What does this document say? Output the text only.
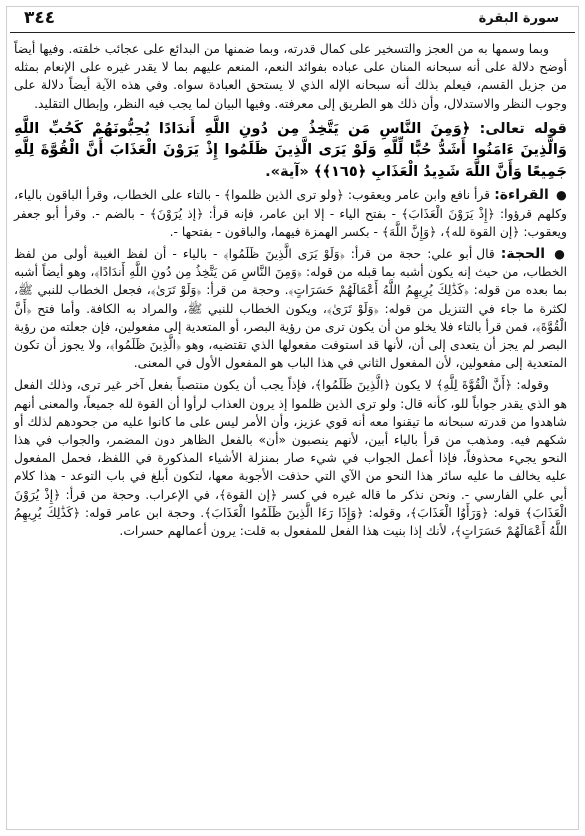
سورة البقرة
٣٤٤

وبما وسمها به من العجز والتسخير على كمال قدرته، وبما ضمنها من البدائع على عجائب خلقته. وفيها أيضاً أوضح دلالة على أنه سبحانه المنان على عباده بفوائد النعم، المنعم عليهم بما لا يقدر غيره على الإنعام بمثله من جزيل القسم، فيعلم بذلك أنه سبحانه الإله الذي لا يستحق العبادة سواه. وفي هذه الآية أيضاً دلالة على وجوب النظر والاستدلال، وأن ذلك هو الطريق إلى معرفته. وفيها البيان لما يجب فيه النظر، وإبطال التقليد.

قوله تعالى: ﴿وَمِنَ النَّاسِ مَن يَتَّخِذُ مِن دُونِ اللَّهِ أَندَادًا يُحِبُّونَهُمْ كَحُبِّ اللَّهِ وَالَّذِينَ ءَامَنُوا أَشَدُّ حُبًّا لِّلَّهِ وَلَوْ يَرَى الَّذِينَ ظَلَمُوا إِذْ يَرَوْنَ الْعَذَابَ أَنَّ الْقُوَّةَ لِلَّهِ جَمِيعًا وَأَنَّ اللَّهَ شَدِيدُ الْعَذَابِ ﴿١٦٥﴾﴾ «آية».

● القراءة: قرأ نافع وابن عامر ويعقوب: ﴿ولو ترى الذين ظلموا﴾ - بالتاء على الخطاب، وقرأ الباقون بالياء، وكلهم قرؤوا: ﴿إِذْ يَرَوْنَ الْعَذَابَ﴾ - بفتح الياء - إلا ابن عامر، فإنه قرأ: ﴿إذ يُرَوْنَ﴾ - بالضم -. وقرأ أبو جعفر ويعقوب: ﴿إن القوة لله﴾، ﴿وَإِنَّ اللَّهَ﴾ - بكسر الهمزة فيهما، والباقون - بفتحها -.

● الحجة: قال أبو علي: حجة من قرأ: ﴿وَلَوْ يَرَى الَّذِينَ ظَلَمُوا﴾ - بالياء - أن لفظ الغيبة أولى من لفظ الخطاب، من حيث إنه يكون أشبه بما قبله من قوله: ﴿وَمِنَ النَّاسِ مَن يَتَّخِذُ مِن دُونِ اللَّهِ أَندَادًا﴾، وهو أيضاً أشبه بما بعده من قوله: ﴿كَذَٰلِكَ يُرِيهِمُ اللَّهُ أَعْمَالَهُمْ حَسَرَاتٍ﴾. وحجة من قرأ: ﴿وَلَوْ تَرَىٰ﴾، فجعل الخطاب للنبي ﷺ، لكثرة ما جاء في التنزيل من قوله: ﴿وَلَوْ تَرَىٰ﴾، ويكون الخطاب للنبي ﷺ، والمراد به الكافة. وأما فتح ﴿أَنَّ الْقُوَّةَ﴾، فمن قرأ بالتاء فلا يخلو من أن يكون ترى من رؤية البصر، أو المتعدية إلى مفعولين، فإن جعلته من رؤية البصر لم يجز أن يتعدى إلى أن، لأنها قد استوفت مفعولها الذي تقتضيه، وهو ﴿الَّذِينَ ظَلَمُوا﴾، ولا يجوز أن تكون المتعدية إلى مفعولين، لأن المفعول الثاني في هذا الباب هو المفعول الأول في المعنى.

وقوله: ﴿أَنَّ الْقُوَّةَ لِلَّهِ﴾ لا يكون ﴿الَّذِينَ ظَلَمُوا﴾، فإذاً يجب أن يكون منتصباً بفعل آخر غير ترى، وذلك الفعل هو الذي يقدر جواباً للو، كأنه قال: ولو ترى الذين ظلموا إذ يرون العذاب لرأوا أن القوة لله جميعاً، والمعنى أنهم شاهدوا من قدرته سبحانه ما تيقنوا معه أنه قوي عزيز، وأن الأمر ليس على ما كانوا عليه من جحودهم لذلك أو شكهم فيه. ومذهب من قرأ بالياء أبين، لأنهم ينصبون «أن» بالفعل الظاهر دون المضمر، والجواب في هذا النحو يجيء محذوفاً، فإذا أعمل الجواب في شيء صار بمنزلة الأشياء المذكورة في اللفظ، فحمل المفعول عليه يخالف ما عليه سائر هذا النحو من الآي التي حذفت الأجوبة معها، لتكون أبلغ في باب التوعد - هذا كلام أبي علي الفارسي -. ونحن نذكر ما قاله غيره في كسر ﴿إن القوة﴾، في الإعراب. وحجة من قرأ: ﴿إِذْ يُرَوْنَ الْعَذَابَ﴾ قوله: ﴿وَرَأَوُا الْعَذَابَ﴾، وقوله: ﴿وَإِذَا رَءَا الَّذِينَ ظَلَمُوا الْعَذَابَ﴾. وحجة ابن عامر قوله: ﴿كَذَٰلِكَ يُرِيهِمُ اللَّهُ أَعْمَالَهُمْ حَسَرَاتٍ﴾، لأنك إذا بنيت هذا الفعل للمفعول به قلت: يرون أعمالهم حسرات.
